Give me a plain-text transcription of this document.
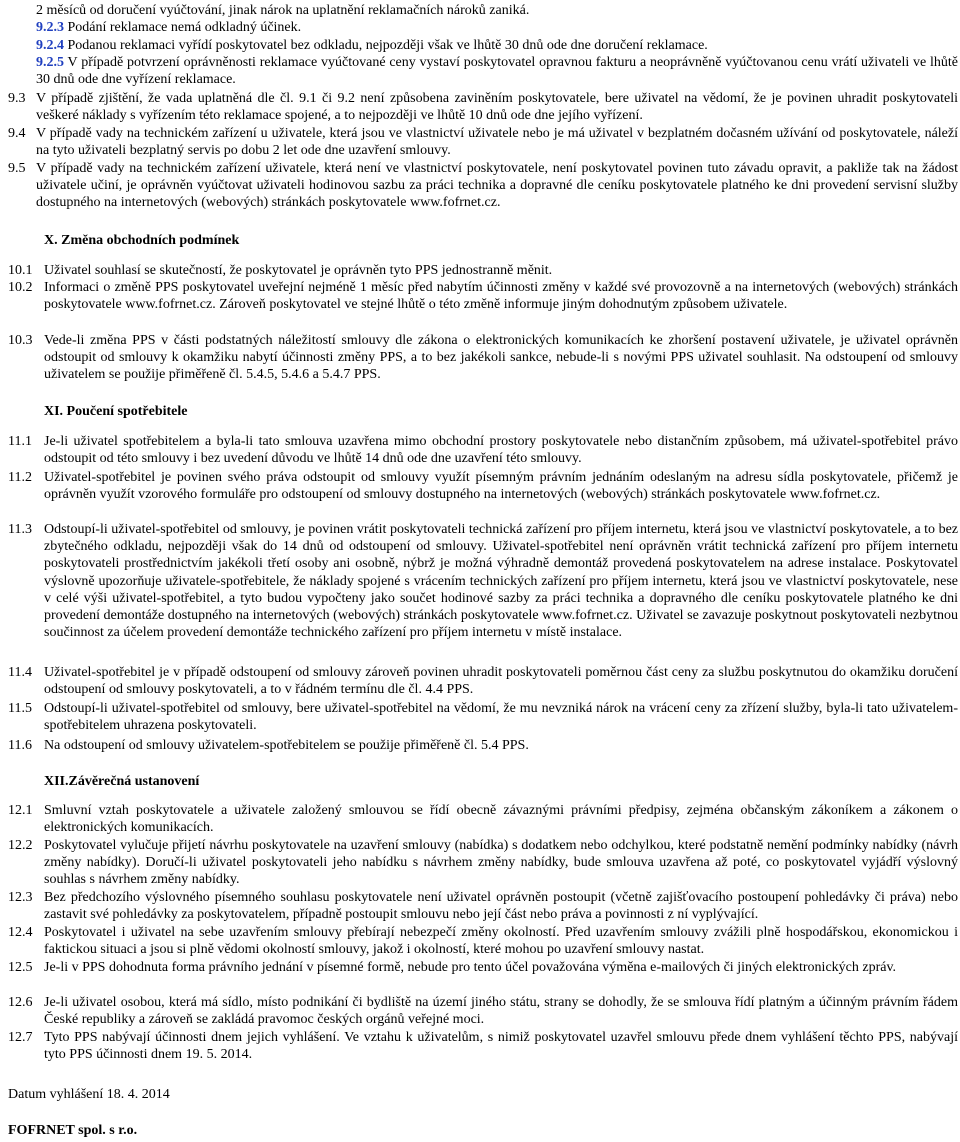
2 měsíců od doručení vyúčtování, jinak nárok na uplatnění reklamačních nároků zaniká.
9.2.3 Podání reklamace nemá odkladný účinek.
9.2.4 Podanou reklamaci vyřídí poskytovatel bez odkladu, nejpozději však ve lhůtě 30 dnů ode dne doručení reklamace.
9.2.5 V případě potvrzení oprávněnosti reklamace vyúčtované ceny vystaví poskytovatel opravnou fakturu a neoprávněně vyúčtovanou cenu vrátí uživateli ve lhůtě 30 dnů ode dne vyřízení reklamace.
9.3 V případě zjištění, že vada uplatněná dle čl. 9.1 či 9.2 není způsobena zaviněním poskytovatele, bere uživatel na vědomí, že je povinen uhradit poskytovateli veškeré náklady s vyřízením této reklamace spojené, a to nejpozději ve lhůtě 10 dnů ode dne jejího vyřízení.
9.4 V případě vady na technickém zařízení u uživatele, která jsou ve vlastnictví uživatele nebo je má uživatel v bezplatném dočasném užívání od poskytovatele, náleží na tyto uživateli bezplatný servis po dobu 2 let ode dne uzavření smlouvy.
9.5 V případě vady na technickém zařízení uživatele, která není ve vlastnictví poskytovatele, není poskytovatel povinen tuto závadu opravit, a pakliže tak na žádost uživatele učiní, je oprávněn vyúčtovat uživateli hodinovou sazbu za práci technika a dopravné dle ceníku poskytovatele platného ke dni provedení servisní služby dostupného na internetových (webových) stránkách poskytovatele www.fofrnet.cz.
X. Změna obchodních podmínek
10.1 Uživatel souhlasí se skutečností, že poskytovatel je oprávněn tyto PPS jednostranně měnit.
10.2 Informaci o změně PPS poskytovatel uveřejní nejméně 1 měsíc před nabytím účinnosti změny v každé své provozovně a na internetových (webových) stránkách poskytovatele www.fofrnet.cz. Zároveň poskytovatel ve stejné lhůtě o této změně informuje jiným dohodnutým způsobem uživatele.
10.3 Vede-li změna PPS v části podstatných náležitostí smlouvy dle zákona o elektronických komunikacích ke zhoršení postavení uživatele, je uživatel oprávněn odstoupit od smlouvy k okamžiku nabytí účinnosti změny PPS, a to bez jakékoli sankce, nebude-li s novými PPS uživatel souhlasit. Na odstoupení od smlouvy uživatelem se použije přiměřeně čl. 5.4.5, 5.4.6 a 5.4.7 PPS.
XI. Poučení spotřebitele
11.1 Je-li uživatel spotřebitelem a byla-li tato smlouva uzavřena mimo obchodní prostory poskytovatele nebo distančním způsobem, má uživatel-spotřebitel právo odstoupit od této smlouvy i bez uvedení důvodu ve lhůtě 14 dnů ode dne uzavření této smlouvy.
11.2 Uživatel-spotřebitel je povinen svého práva odstoupit od smlouvy využít písemným právním jednáním odeslaným na adresu sídla poskytovatele, přičemž je oprávněn využít vzorového formuláře pro odstoupení od smlouvy dostupného na internetových (webových) stránkách poskytovatele www.fofrnet.cz.
11.3 Odstoupí-li uživatel-spotřebitel od smlouvy, je povinen vrátit poskytovateli technická zařízení pro příjem internetu, která jsou ve vlastnictví poskytovatele, a to bez zbytečného odkladu, nejpozději však do 14 dnů od odstoupení od smlouvy. Uživatel-spotřebitel není oprávněn vrátit technická zařízení pro příjem internetu poskytovateli prostřednictvím jakékoli třetí osoby ani osobně, nýbrž je možná výhradně demontáž provedená poskytovatelem na adrese instalace. Poskytovatel výslovně upozorňuje uživatele-spotřebitele, že náklady spojené s vrácením technických zařízení pro příjem internetu, která jsou ve vlastnictví poskytovatele, nese v celé výši uživatel-spotřebitel, a tyto budou vypočteny jako součet hodinové sazby za práci technika a dopravného dle ceníku poskytovatele platného ke dni provedení demontáže dostupného na internetových (webových) stránkách poskytovatele www.fofrnet.cz. Uživatel se zavazuje poskytnout poskytovateli nezbytnou součinnost za účelem provedení demontáže technického zařízení pro příjem internetu v místě instalace.
11.4 Uživatel-spotřebitel je v případě odstoupení od smlouvy zároveň povinen uhradit poskytovateli poměrnou část ceny za službu poskytnutou do okamžiku doručení odstoupení od smlouvy poskytovateli, a to v řádném termínu dle čl. 4.4 PPS.
11.5 Odstoupí-li uživatel-spotřebitel od smlouvy, bere uživatel-spotřebitel na vědomí, že mu nevzniká nárok na vrácení ceny za zřízení služby, byla-li tato uživatelem-spotřebitelem uhrazena poskytovateli.
11.6 Na odstoupení od smlouvy uživatelem-spotřebitelem se použije přiměřeně čl. 5.4 PPS.
XII.Závěrečná ustanovení
12.1 Smluvní vztah poskytovatele a uživatele založený smlouvou se řídí obecně závaznými právními předpisy, zejména občanským zákoníkem a zákonem o elektronických komunikacích.
12.2 Poskytovatel vylučuje přijetí návrhu poskytovatele na uzavření smlouvy (nabídka) s dodatkem nebo odchylkou, které podstatně nemění podmínky nabídky (návrh změny nabídky). Doručí-li uživatel poskytovateli jeho nabídku s návrhem změny nabídky, bude smlouva uzavřena až poté, co poskytovatel vyjádří výslovný souhlas s návrhem změny nabídky.
12.3 Bez předchozího výslovného písemného souhlasu poskytovatele není uživatel oprávněn postoupit (včetně zajišťovacího postoupení pohledávky či práva) nebo zastavit své pohledávky za poskytovatelem, případně postoupit smlouvu nebo její část nebo práva a povinnosti z ní vyplývající.
12.4 Poskytovatel i uživatel na sebe uzavřením smlouvy přebírají nebezpečí změny okolností. Před uzavřením smlouvy zvážili plně hospodářskou, ekonomickou i faktickou situaci a jsou si plně vědomi okolností smlouvy, jakož i okolností, které mohou po uzavření smlouvy nastat.
12.5 Je-li v PPS dohodnuta forma právního jednání v písemné formě, nebude pro tento účel považována výměna e-mailových či jiných elektronických zpráv.
12.6 Je-li uživatel osobou, která má sídlo, místo podnikání či bydliště na území jiného státu, strany se dohodly, že se smlouva řídí platným a účinným právním řádem České republiky a zároveň se zakládá pravomoc českých orgánů veřejné moci.
12.7 Tyto PPS nabývají účinnosti dnem jejich vyhlášení. Ve vztahu k uživatelům, s nimiž poskytovatel uzavřel smlouvu přede dnem vyhlášení těchto PPS, nabývají tyto PPS účinnosti dnem 19. 5. 2014.
Datum vyhlášení 18. 4. 2014
FOFRNET spol. s r.o.
